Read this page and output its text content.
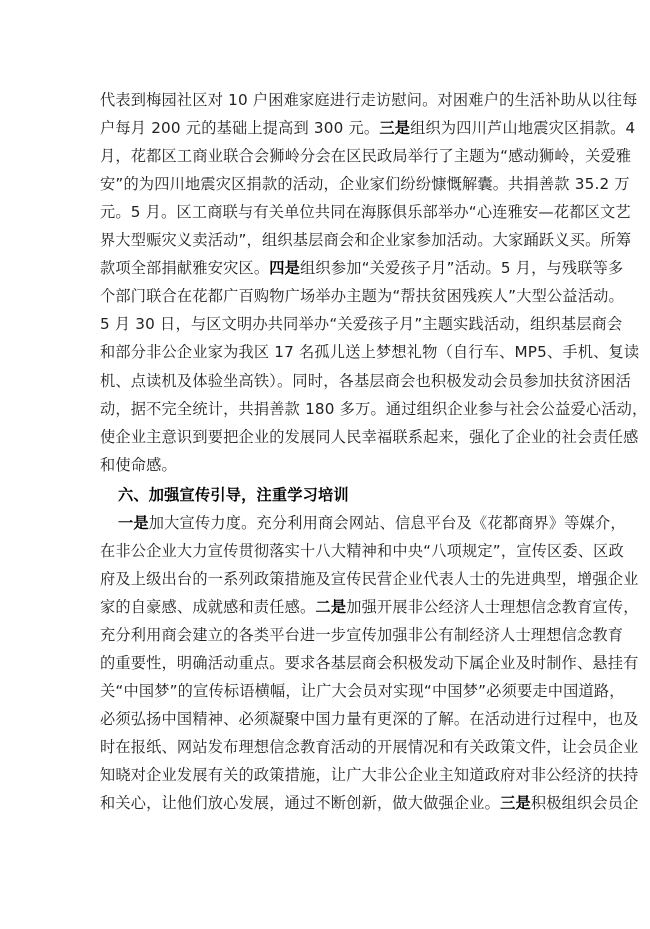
代表到梅园社区对 10 户困难家庭进行走访慰问。对困难户的生活补助从以往每
户每月 200 元的基础上提高到 300 元。三是组织为四川芦山地震灾区捐款。4
月，花都区工商业联合会狮岭分会在区民政局举行了主题为“感动狮岭，关爱雅
安”的为四川地震灾区捐款的活动，企业家们纷纷慷慨解囊。共捐善款 35.2 万
元。5 月。区工商联与有关单位共同在海豚俱乐部举办“心连雅安—花都区文艺
界大型赈灾义卖活动”，组织基层商会和企业家参加活动。大家踊跃义买。所筹
款项全部捐献雅安灾区。四是组织参加“关爱孩子月”活动。5 月，与残联等多
个部门联合在花都广百购物广场举办主题为“帮扶贫困残疾人”大型公益活动。
5 月 30 日，与区文明办共同举办“关爱孩子月”主题实践活动，组织基层商会
和部分非公企业家为我区 17 名孤儿送上梦想礼物（自行车、MP5、手机、复读
机、点读机及体验坐高铁）。同时，各基层商会也积极发动会员参加扶贫济困活
动，据不完全统计，共捐善款 180 多万。通过组织企业参与社会公益爱心活动，
使企业主意识到要把企业的发展同人民幸福联系起来，强化了企业的社会责任感
和使命感。
六、加强宣传引导，注重学习培训
一是加大宣传力度。充分利用商会网站、信息平台及《花都商界》等媒介，
在非公企业大力宣传贯彻落实十八大精神和中央“八项规定”，宣传区委、区政
府及上级出台的一系列政策措施及宣传民营企业代表人士的先进典型，增强企业
家的自豪感、成就感和责任感。二是加强开展非公经济人士理想信念教育宣传，
充分利用商会建立的各类平台进一步宣传加强非公有制经济人士理想信念教育
的重要性，明确活动重点。要求各基层商会积极发动下属企业及时制作、悬挂有
关“中国梦”的宣传标语横幅，让广大会员对实现“中国梦”必须要走中国道路，
必须弘扬中国精神、必须凝聚中国力量有更深的了解。在活动进行过程中，也及
时在报纸、网站发布理想信念教育活动的开展情况和有关政策文件，让会员企业
知晓对企业发展有关的政策措施，让广大非公企业主知道政府对非公经济的扶持
和关心，让他们放心发展，通过不断创新，做大做强企业。三是积极组织会员企
